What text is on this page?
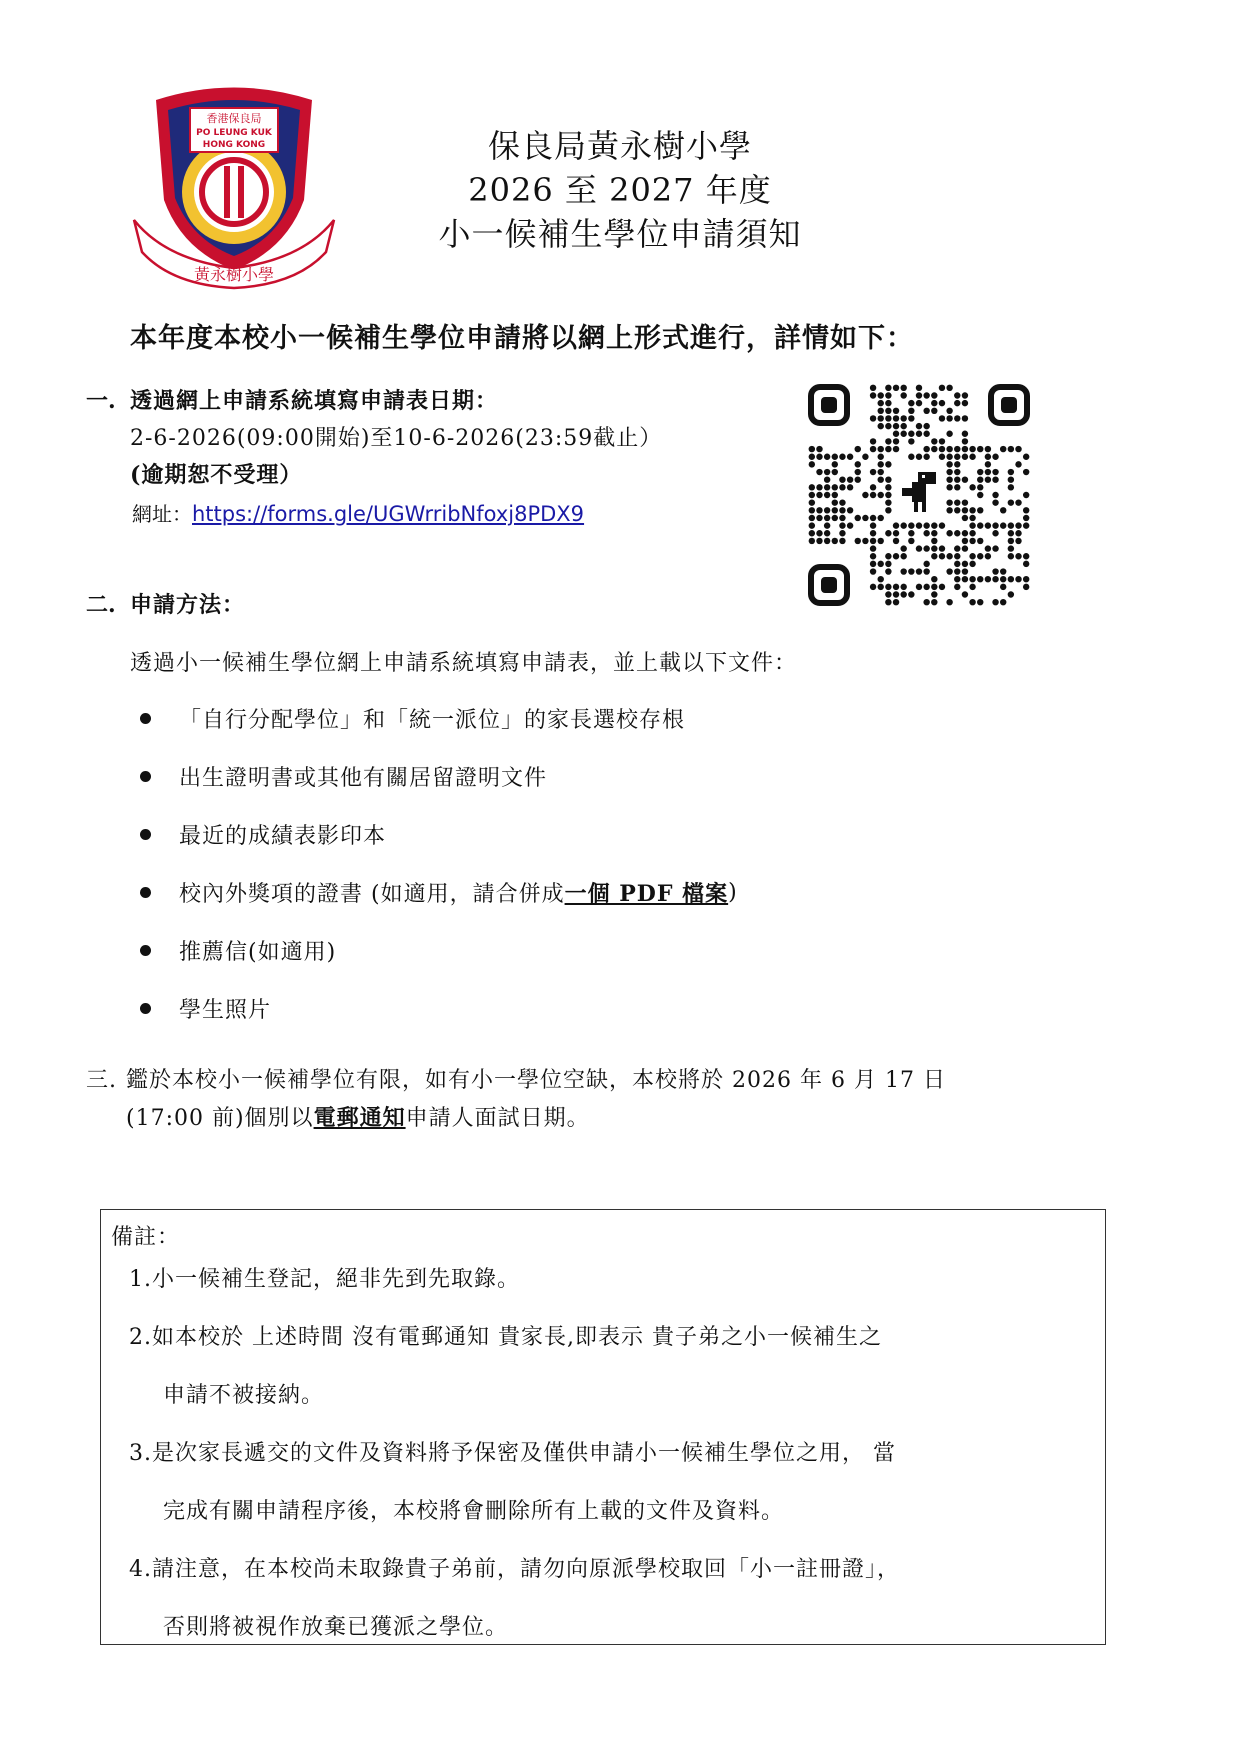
香港保良局
PO LEUNG KUK
HONG KONG
黃永樹小學
保良局黃永樹小學
2026 至 2027 年度
小一候補生學位申請須知
本年度本校小一候補生學位申請將以網上形式進行，詳情如下：
一. 透過網上申請系統填寫申請表日期：
2-6-2026(09:00開始)至10-6-2026(23:59截止）
(逾期恕不受理）
網址： https://forms.gle/UGWrribNfoxj8PDX9
二. 申請方法：
透過小一候補生學位網上申請系統填寫申請表，並上載以下文件：
「自行分配學位」和「統一派位」的家長選校存根
出生證明書或其他有關居留證明文件
最近的成績表影印本
校內外獎項的證書 (如適用，請合併成 一個 PDF 檔案 )
推薦信(如適用)
學生照片
三. 鑑於本校小一候補學位有限，如有小一學位空缺，本校將於 2026 年 6 月 17 日
(17:00 前)個別以電郵通知申請人面試日期。
備註：
1.小一候補生登記，絕非先到先取錄。
2.如本校於 上述時間 沒有電郵通知 貴家長,即表示 貴子弟之小一候補生之
申請不被接納。
3.是次家長遞交的文件及資料將予保密及僅供申請小一候補生學位之用， 當
完成有關申請程序後，本校將會刪除所有上載的文件及資料。
4.請注意，在本校尚未取錄貴子弟前，請勿向原派學校取回「小一註冊證」，
否則將被視作放棄已獲派之學位。
